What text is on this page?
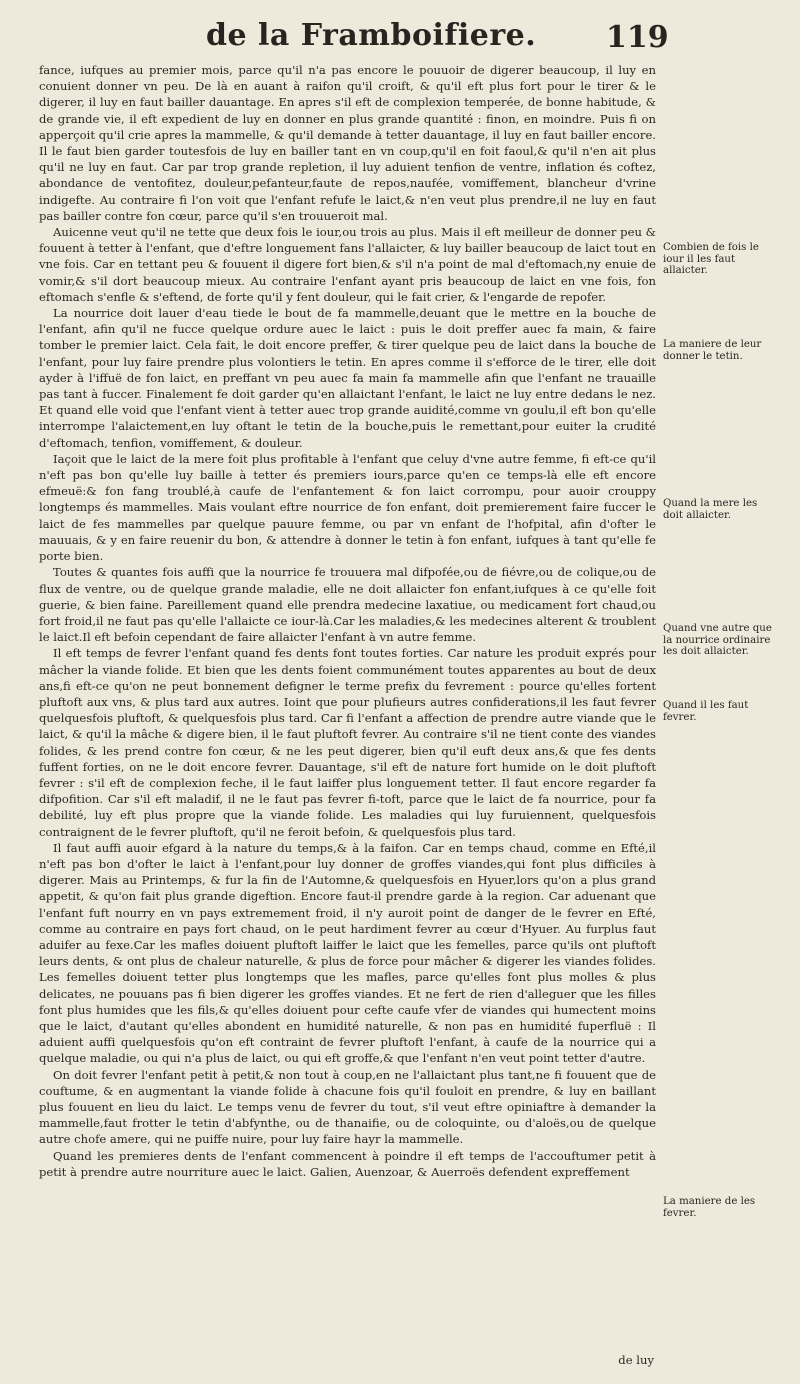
de la Framboifiere. 119

fance, iufques au premier mois, parce qu'il n'a pas encore le pouuoir de digerer beaucoup, il luy en conuient donner vn peu. De là en auant à raifon qu'il croift, & qu'il eft plus fort pour le tirer & le digerer, il luy en faut bailler dauantage. En apres s'il eft de complexion temperée, de bonne habitude, & de grande vie, il eft expedient de luy en donner en plus grande quantité : finon, en moindre. Puis fi on apperçoit qu'il crie apres la mammelle, & qu'il demande à tetter dauantage, il luy en faut bailler encore. Il le faut bien garder toutesfois de luy en bailler tant en vn coup,qu'il en foit faoul,& qu'il n'en ait plus qu'il ne luy en faut. Car par trop grande repletion, il luy aduient tenfion de ventre, inflation és coftez, abondance de ventofitez, douleur,pefanteur,faute de repos,naufée, vomiffement, blancheur d'vrine indigefte. Au contraire fi l'on voit que l'enfant refufe le laict,& n'en veut plus prendre,il ne luy en faut pas bailler contre fon cœur, parce qu'il s'en trouueroit mal.

Auicenne veut qu'il ne tette que deux fois le iour,ou trois au plus. Mais il eft meilleur de donner peu & fouuent à tetter à l'enfant, que d'eftre longuement fans l'allaicter, & luy bailler beaucoup de laict tout en vne fois. Car en tettant peu & fouuent il digere fort bien,& s'il n'a point de mal d'eftomach,ny enuie de vomir,& s'il dort beaucoup mieux. Au contraire l'enfant ayant pris beaucoup de laict en vne fois, fon eftomach s'enfle & s'eftend, de forte qu'il y fent douleur, qui le fait crier, & l'engarde de repofer.

La nourrice doit lauer d'eau tiede le bout de fa mammelle,deuant que le mettre en la bouche de l'enfant, afin qu'il ne fucce quelque ordure auec le laict : puis le doit preffer auec fa main, & faire tomber le premier laict. Cela fait, le doit encore preffer, & tirer quelque peu de laict dans la bouche de l'enfant, pour luy faire prendre plus volontiers le tetin. En apres comme il s'efforce de le tirer, elle doit ayder à l'iffuë de fon laict, en preffant vn peu auec fa main fa mammelle afin que l'enfant ne trauaille pas tant à fuccer. Finalement fe doit garder qu'en allaictant l'enfant, le laict ne luy entre dedans le nez. Et quand elle void que l'enfant vient à tetter auec trop grande auidité,comme vn goulu,il eft bon qu'elle interrompe l'alaictement,en luy oftant le tetin de la bouche,puis le remettant,pour euiter la crudité d'eftomach, tenfion, vomiffement, & douleur.

Iaçoit que le laict de la mere foit plus profitable à l'enfant que celuy d'vne autre femme, fi eft-ce qu'il n'eft pas bon qu'elle luy baille à tetter és premiers iours,parce qu'en ce temps-là elle eft encore efmeuë:& fon fang troublé,à caufe de l'enfantement & fon laict corrompu, pour auoir crouppy longtemps és mammelles. Mais voulant eftre nourrice de fon enfant, doit premierement faire fuccer le laict de fes mammelles par quelque pauure femme, ou par vn enfant de l'hofpital, afin d'ofter le mauuais, & y en faire reuenir du bon, & attendre à donner le tetin à fon enfant, iufques à tant qu'elle fe porte bien.

Toutes & quantes fois auffi que la nourrice fe trouuera mal difpofée,ou de fiévre,ou de colique,ou de flux de ventre, ou de quelque grande maladie, elle ne doit allaicter fon enfant,iufques à ce qu'elle foit guerie, & bien faine. Pareillement quand elle prendra medecine laxatiue, ou medicament fort chaud,ou fort froid,il ne faut pas qu'elle l'allaicte ce iour-là.Car les maladies,& les medecines alterent & troublent le laict.Il eft befoin cependant de faire allaicter l'enfant à vn autre femme.

Il eft temps de fevrer l'enfant quand fes dents font toutes forties. Car nature les produit exprés pour mâcher la viande folide. Et bien que les dents foient communément toutes apparentes au bout de deux ans,fi eft-ce qu'on ne peut bonnement defigner le terme prefix du fevrement : pource qu'elles fortent pluftoft aux vns, & plus tard aux autres. Ioint que pour plufieurs autres confiderations,il les faut fevrer quelquesfois pluftoft, & quelquesfois plus tard. Car fi l'enfant a affection de prendre autre viande que le laict, & qu'il la mâche & digere bien, il le faut pluftoft fevrer. Au contraire s'il ne tient conte des viandes folides, & les prend contre fon cœur, & ne les peut digerer, bien qu'il euft deux ans,& que fes dents fuffent forties, on ne le doit encore fevrer. Dauantage, s'il eft de nature fort humide on le doit pluftoft fevrer : s'il eft de complexion feche, il le faut laiffer plus longuement tetter. Il faut encore regarder fa difpofition. Car s'il eft maladif, il ne le faut pas fevrer fi-toft, parce que le laict de fa nourrice, pour fa debilité, luy eft plus propre que la viande folide. Les maladies qui luy furuiennent, quelquesfois contraignent de le fevrer pluftoft, qu'il ne feroit befoin, & quelquesfois plus tard.

Il faut auffi auoir efgard à la nature du temps,& à la faifon. Car en temps chaud, comme en Efté,il n'eft pas bon d'ofter le laict à l'enfant,pour luy donner de groffes viandes,qui font plus difficiles à digerer. Mais au Printemps, & fur la fin de l'Automne,& quelquesfois en Hyuer,lors qu'on a plus grand appetit, & qu'on fait plus grande digeftion. Encore faut-il prendre garde à la region. Car aduenant que l'enfant fuft nourry en vn pays extremement froid, il n'y auroit point de danger de le fevrer en Efté, comme au contraire en pays fort chaud, on le peut hardiment fevrer au cœur d'Hyuer. Au furplus faut aduifer au fexe.Car les mafles doiuent pluftoft laiffer le laict que les femelles, parce qu'ils ont pluftoft leurs dents, & ont plus de chaleur naturelle, & plus de force pour mâcher & digerer les viandes folides. Les femelles doiuent tetter plus longtemps que les mafles, parce qu'elles font plus molles & plus delicates, ne pouuans pas fi bien digerer les groffes viandes. Et ne fert de rien d'alleguer que les filles font plus humides que les fils,& qu'elles doiuent pour cefte caufe vfer de viandes qui humectent moins que le laict, d'autant qu'elles abondent en humidité naturelle, & non pas en humidité fuperfluë : Il aduient auffi quelquesfois qu'on eft contraint de fevrer pluftoft l'enfant, à caufe de la nourrice qui a quelque maladie, ou qui n'a plus de laict, ou qui eft groffe,& que l'enfant n'en veut point tetter d'autre.

On doit fevrer l'enfant petit à petit,& non tout à coup,en ne l'allaictant plus tant,ne fi fouuent que de couftume, & en augmentant la viande folide à chacune fois qu'il fouloit en prendre, & luy en baillant plus fouuent en lieu du laict. Le temps venu de fevrer du tout, s'il veut eftre opiniaftre à demander la mammelle,faut frotter le tetin d'abfynthe, ou de thanaifie, ou de coloquinte, ou d'aloës,ou de quelque autre chofe amere, qui ne puiffe nuire, pour luy faire hayr la mammelle.

Quand les premieres dents de l'enfant commencent à poindre il eft temps de l'accouftumer petit à petit à prendre autre nourriture auec le laict. Galien, Auenzoar, & Auerroës defendent expreffement

Combien de fois le iour il les faut allaicter.
La maniere de leur donner le tetin.
Quand la mere les doit allaicter.
Quand vne autre que la nourrice ordinaire les doit allaicter.
Quand il les faut fevrer.
La maniere de les fevrer.
de luy
